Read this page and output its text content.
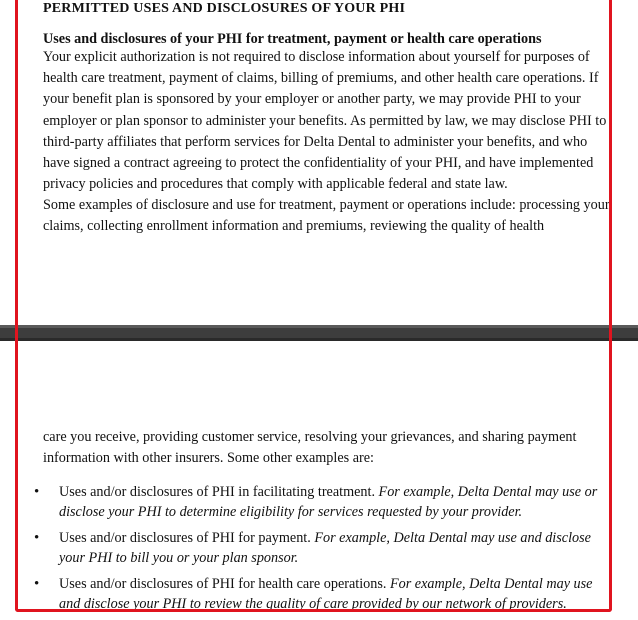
PERMITTED USES AND DISCLOSURES OF YOUR PHI
Uses and disclosures of your PHI for treatment, payment or health care operations

Your explicit authorization is not required to disclose information about yourself for purposes of health care treatment, payment of claims, billing of premiums, and other health care operations. If your benefit plan is sponsored by your employer or another party, we may provide PHI to your employer or plan sponsor to administer your benefits. As permitted by law, we may disclose PHI to third-party affiliates that perform services for Delta Dental to administer your benefits, and who have signed a contract agreeing to protect the confidentiality of your PHI, and have implemented privacy policies and procedures that comply with applicable federal and state law.

Some examples of disclosure and use for treatment, payment or operations include: processing your claims, collecting enrollment information and premiums, reviewing the quality of health

care you receive, providing customer service, resolving your grievances, and sharing payment information with other insurers. Some other examples are:

• Uses and/or disclosures of PHI in facilitating treatment. For example, Delta Dental may use or disclose your PHI to determine eligibility for services requested by your provider.
• Uses and/or disclosures of PHI for payment. For example, Delta Dental may use and disclose your PHI to bill you or your plan sponsor.
• Uses and/or disclosures of PHI for health care operations. For example, Delta Dental may use and disclose your PHI to review the quality of care provided by our network of providers.
